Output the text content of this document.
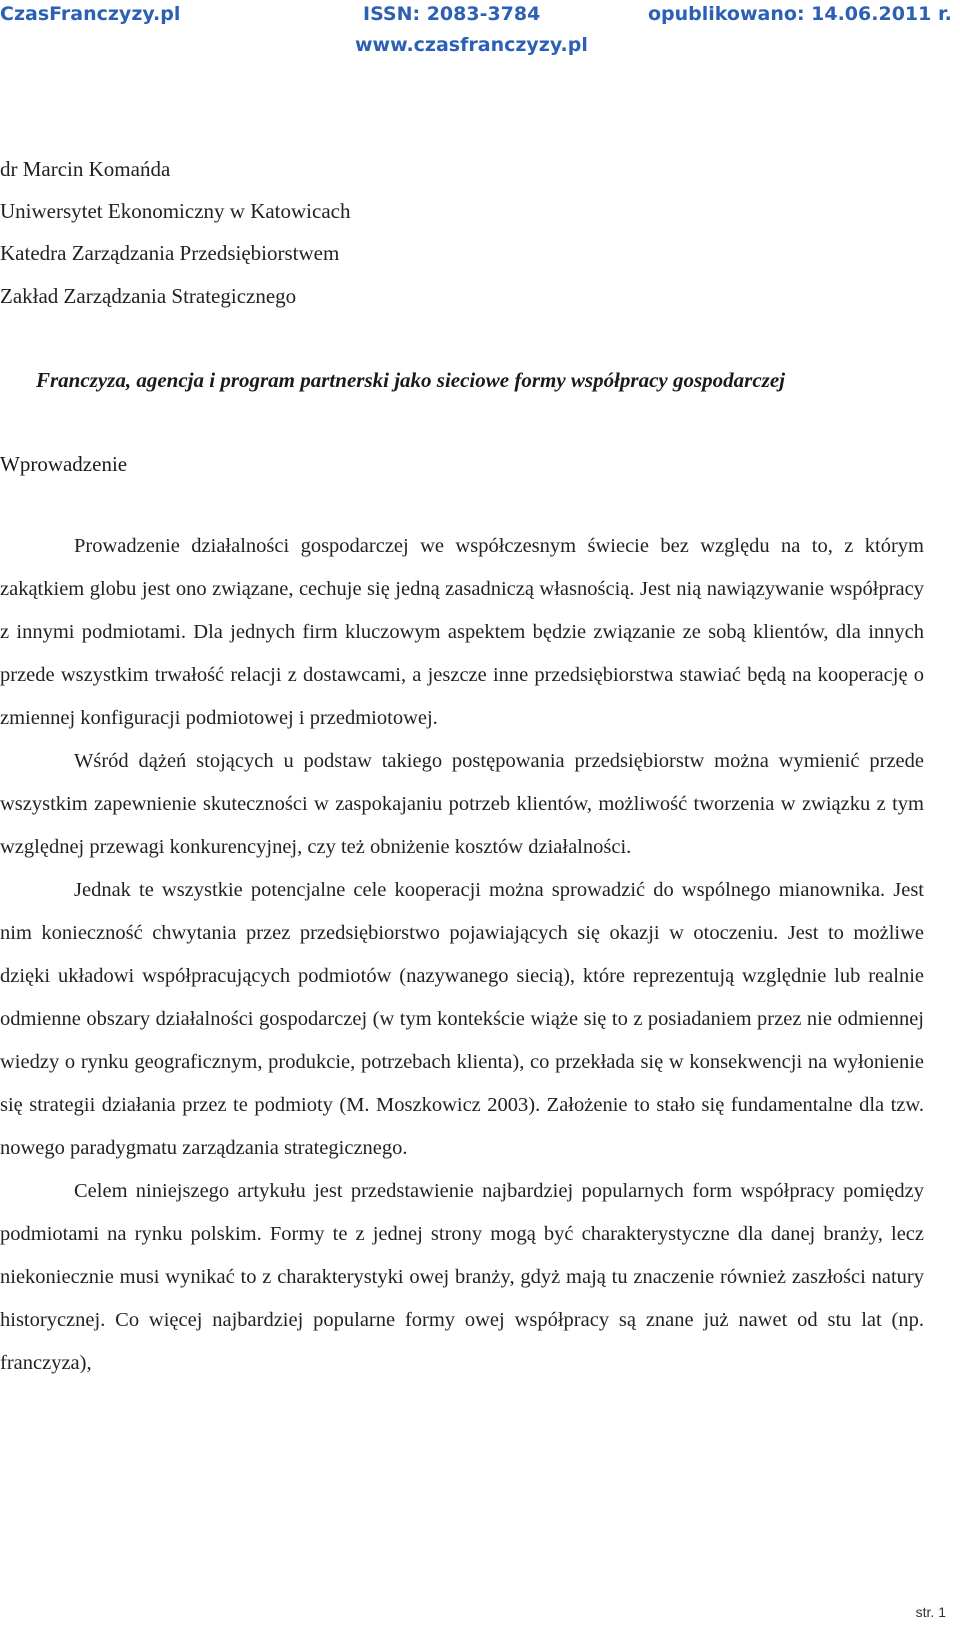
CzasFranczyzy.pl	ISSN: 2083-3784	opublikowano: 14.06.2011 r.
www.czasfranczyzy.pl
dr Marcin Komańda
Uniwersytet Ekonomiczny w Katowicach
Katedra Zarządzania Przedsiębiorstwem
Zakład Zarządzania Strategicznego
Franczyza, agencja i program partnerski jako sieciowe formy współpracy gospodarczej
Wprowadzenie

Prowadzenie działalności gospodarczej we współczesnym świecie bez względu na to, z którym zakątkiem globu jest ono związane, cechuje się jedną zasadniczą własnością. Jest nią nawiązywanie współpracy z innymi podmiotami. Dla jednych firm kluczowym aspektem będzie związanie ze sobą klientów, dla innych przede wszystkim trwałość relacji z dostawcami, a jeszcze inne przedsiębiorstwa stawiać będą na kooperację o zmiennej konfiguracji podmiotowej i przedmiotowej.

Wśród dążeń stojących u podstaw takiego postępowania przedsiębiorstw można wymienić przede wszystkim zapewnienie skuteczności w zaspokajaniu potrzeb klientów, możliwość tworzenia w związku z tym względnej przewagi konkurencyjnej, czy też obniżenie kosztów działalności.

Jednak te wszystkie potencjalne cele kooperacji można sprowadzić do wspólnego mianownika. Jest nim konieczność chwytania przez przedsiębiorstwo pojawiających się okazji w otoczeniu. Jest to możliwe dzięki układowi współpracujących podmiotów (nazywanego siecią), które reprezentują względnie lub realnie odmienne obszary działalności gospodarczej (w tym kontekście wiąże się to z posiadaniem przez nie odmiennej wiedzy o rynku geograficznym, produkcie, potrzebach klienta), co przekłada się w konsekwencji na wyłonienie się strategii działania przez te podmioty (M. Moszkowicz 2003). Założenie to stało się fundamentalne dla tzw. nowego paradygmatu zarządzania strategicznego.

Celem niniejszego artykułu jest przedstawienie najbardziej popularnych form współpracy pomiędzy podmiotami na rynku polskim. Formy te z jednej strony mogą być charakterystyczne dla danej branży, lecz niekoniecznie musi wynikać to z charakterystyki owej branży, gdyż mają tu znaczenie również zaszłości natury historycznej. Co więcej najbardziej popularne formy owej współpracy są znane już nawet od stu lat (np. franczyza),

str. 1
